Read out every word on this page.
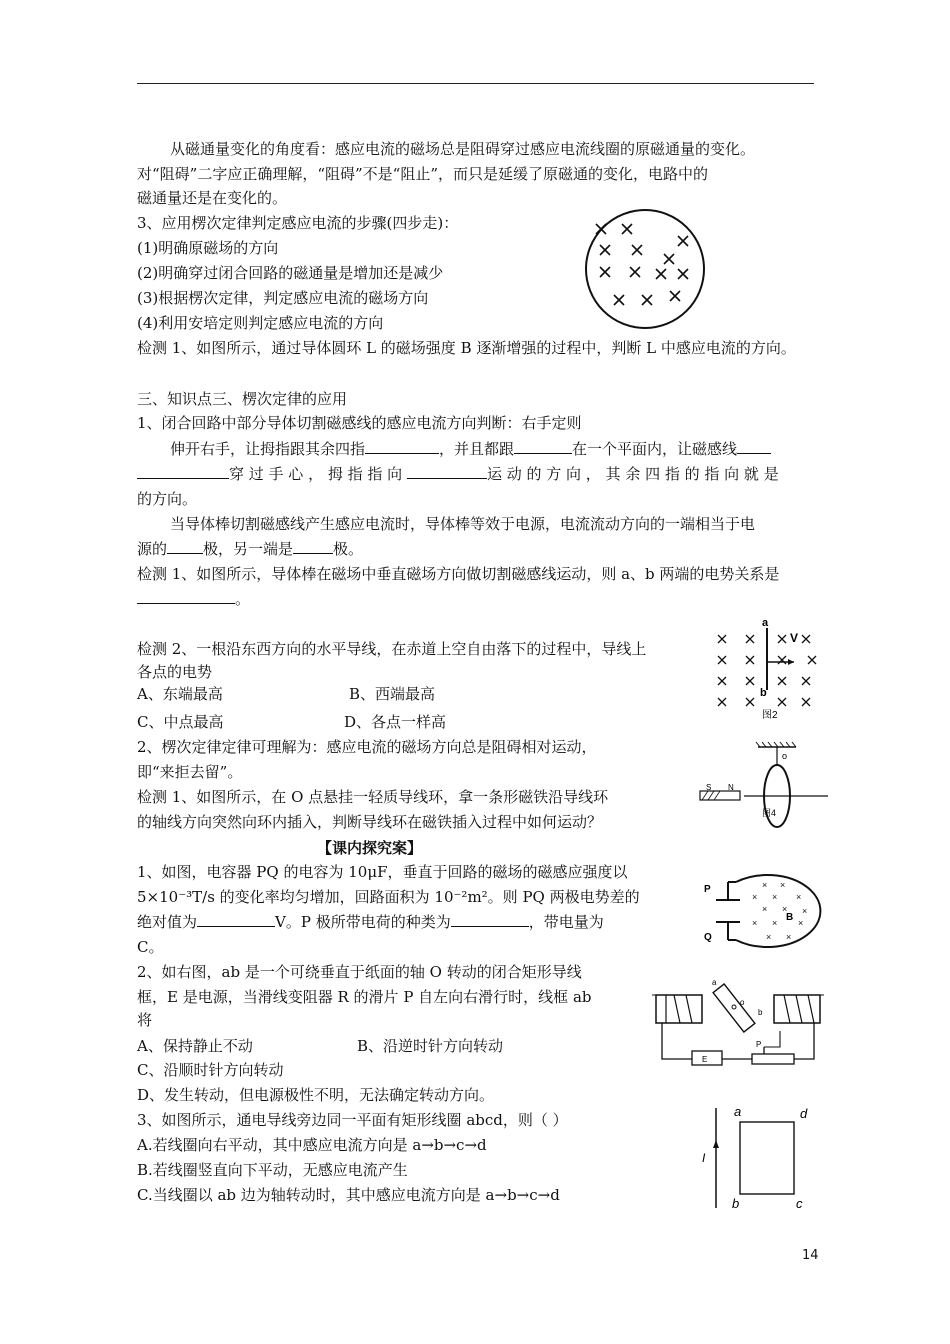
从磁通量变化的角度看：感应电流的磁场总是阻碍穿过感应电流线圈的原磁通量的变化。
对“阻碍”二字应正确理解，“阻碍”不是“阻止”，而只是延缓了原磁通的变化，电路中的
磁通量还是在变化的。
3、应用楞次定律判定感应电流的步骤(四步走)：
(1)明确原磁场的方向
(2)明确穿过闭合回路的磁通量是增加还是减少
(3)根据楞次定律，判定感应电流的磁场方向
(4)利用安培定则判定感应电流的方向
检测 1、如图所示，通过导体圆环 L 的磁场强度 B 逐渐增强的过程中，判断 L 中感应电流的方向。
三、知识点三、楞次定律的应用
1、闭合回路中部分导体切割磁感线的感应电流方向判断：右手定则
伸开右手，让拇指跟其余四指	，并且都跟	在一个平面内，让磁感线
穿 过 手 心 ， 拇 指 指 向	运 动 的 方 向 ， 其 余 四 指 的 指 向 就 是
的方向。
当导体棒切割磁感线产生感应电流时，导体棒等效于电源，电流流动方向的一端相当于电
源的 极，另一端是	极。
检测 1、如图所示，导体棒在磁场中垂直磁场方向做切割磁感线运动，则 a、b 两端的电势关系是
。
检测 2、一根沿东西方向的水平导线，在赤道上空自由落下的过程中，导线上
各点的电势
A、东端最高	B、西端最高
C、中点最高	D、各点一样高
2、楞次定律定律可理解为：感应电流的磁场方向总是阻碍相对运动，
即“来拒去留”。
检测 1、如图所示，在 O 点悬挂一轻质导线环，拿一条形磁铁沿导线环
的轴线方向突然向环内插入，判断导线环在磁铁插入过程中如何运动？
【课内探究案】
1、如图，电容器 PQ 的电容为 10μF，垂直于回路的磁场的磁感应强度以
5×10⁻³T/s 的变化率均匀增加，回路面积为 10⁻²m²。则 PQ 两极电势差的
绝对值为	V。P 极所带电荷的种类为	，带电量为
C。
2、如右图，ab 是一个可绕垂直于纸面的轴 O 转动的闭合矩形导线
框，E 是电源，当滑线变阻器 R 的滑片 P 自左向右滑行时，线框 ab
将
A、保持静止不动	B、沿逆时针方向转动
C、沿顺时针方向转动
D、发生转动，但电源极性不明，无法确定转动方向。
3、如图所示，通电导线旁边同一平面有矩形线圈 abcd，则（ ）
A.若线圈向右平动，其中感应电流方向是 a→b→c→d
B.若线圈竖直向下平动，无感应电流产生
C.当线圈以 ab 边为轴转动时，其中感应电流方向是 a→b→c→d
a
V
b
图2
o
S N
图4
P
Q
× ×
× × ×
× × ×
× × ×
× ×
B
a
o
b
E
P
I
a	d
b	c
14
